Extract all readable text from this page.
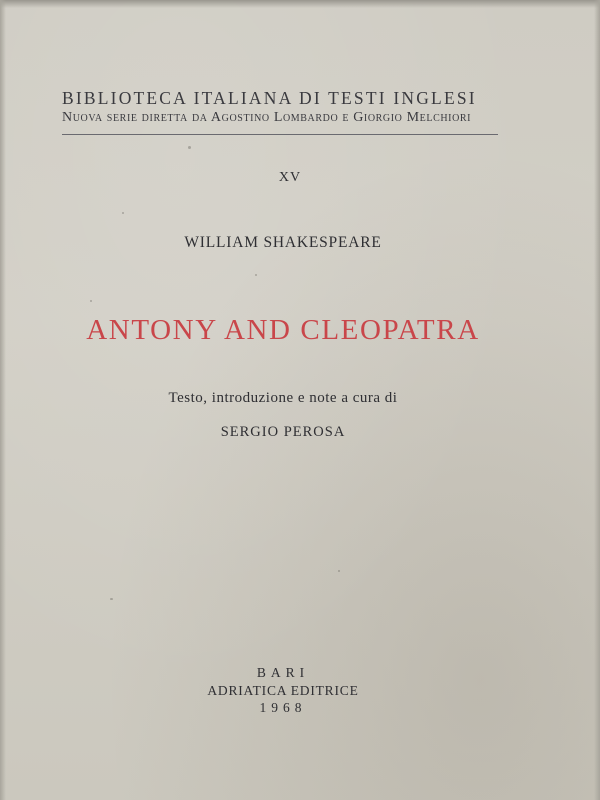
BIBLIOTECA ITALIANA DI TESTI INGLESI
Nuova serie diretta da Agostino Lombardo e Giorgio Melchiori
XV
WILLIAM SHAKESPEARE
ANTONY AND CLEOPATRA
Testo, introduzione e note a cura di
SERGIO PEROSA
BARI
ADRIATICA EDITRICE
1968
